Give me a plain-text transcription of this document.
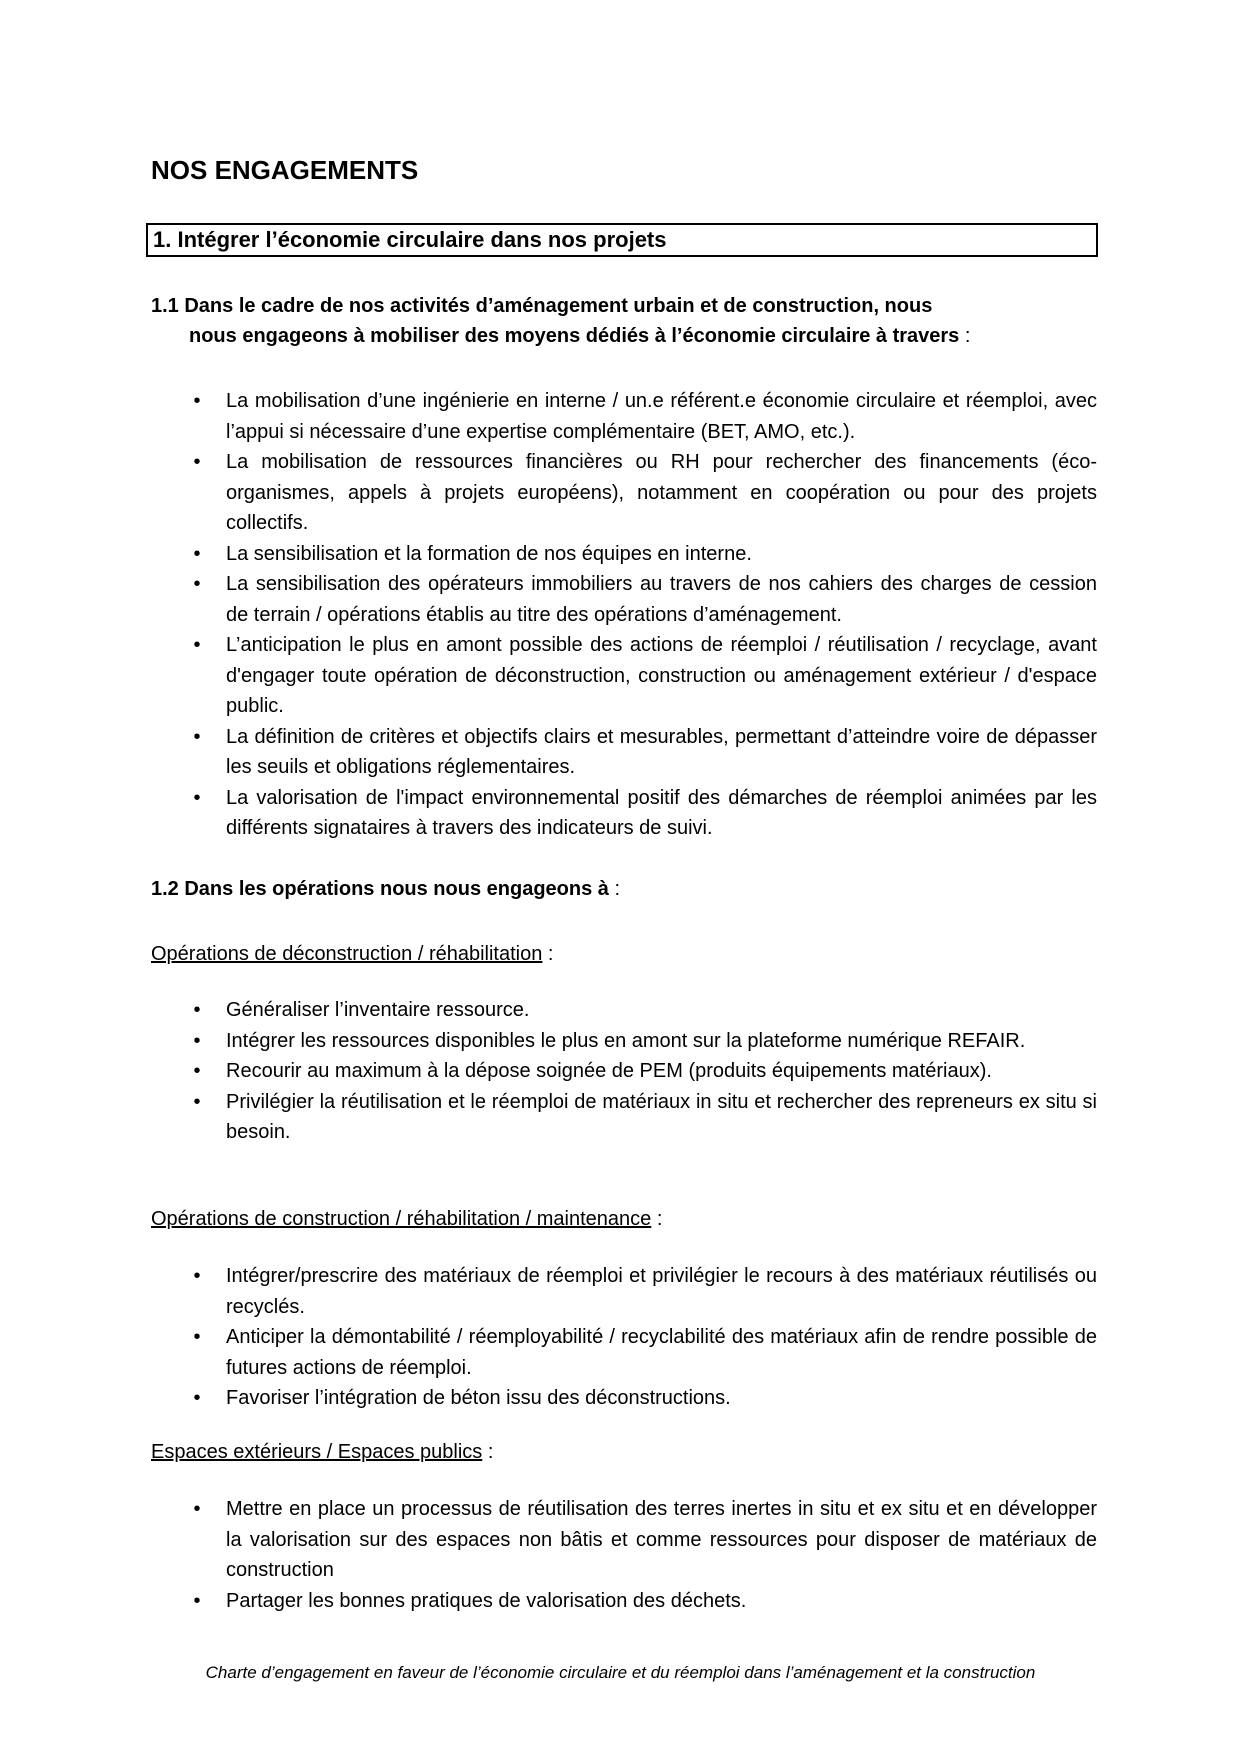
NOS ENGAGEMENTS
1. Intégrer l’économie circulaire dans nos projets
1.1 Dans le cadre de nos activités d’aménagement urbain et de construction, nous
nous engageons à mobiliser des moyens dédiés à l’économie circulaire à travers :
• La mobilisation d’une ingénierie en interne / un.e référent.e économie circulaire et réemploi, avec l’appui si nécessaire d’une expertise complémentaire (BET, AMO, etc.).
• La mobilisation de ressources financières ou RH pour rechercher des financements (éco-organismes, appels à projets européens), notamment en coopération ou pour des projets collectifs.
• La sensibilisation et la formation de nos équipes en interne.
• La sensibilisation des opérateurs immobiliers au travers de nos cahiers des charges de cession de terrain / opérations établis au titre des opérations d’aménagement.
• L’anticipation le plus en amont possible des actions de réemploi / réutilisation / recyclage, avant d'engager toute opération de déconstruction, construction ou aménagement extérieur / d'espace public.
• La définition de critères et objectifs clairs et mesurables, permettant d’atteindre voire de dépasser les seuils et obligations réglementaires.
• La valorisation de l'impact environnemental positif des démarches de réemploi animées par les différents signataires à travers des indicateurs de suivi.
1.2 Dans les opérations nous nous engageons à :
Opérations de déconstruction / réhabilitation :
• Généraliser l’inventaire ressource.
• Intégrer les ressources disponibles le plus en amont sur la plateforme numérique REFAIR.
• Recourir au maximum à la dépose soignée de PEM (produits équipements matériaux).
• Privilégier la réutilisation et le réemploi de matériaux in situ et rechercher des repreneurs ex situ si besoin.
Opérations de construction / réhabilitation / maintenance :
• Intégrer/prescrire des matériaux de réemploi et privilégier le recours à des matériaux réutilisés ou recyclés.
• Anticiper la démontabilité / réemployabilité / recyclabilité des matériaux afin de rendre possible de futures actions de réemploi.
• Favoriser l’intégration de béton issu des déconstructions.
Espaces extérieurs / Espaces publics :
• Mettre en place un processus de réutilisation des terres inertes in situ et ex situ et en développer la valorisation sur des espaces non bâtis et comme ressources pour disposer de matériaux de construction
• Partager les bonnes pratiques de valorisation des déchets.
Charte d’engagement en faveur de l’économie circulaire et du réemploi dans l’aménagement et la construction
